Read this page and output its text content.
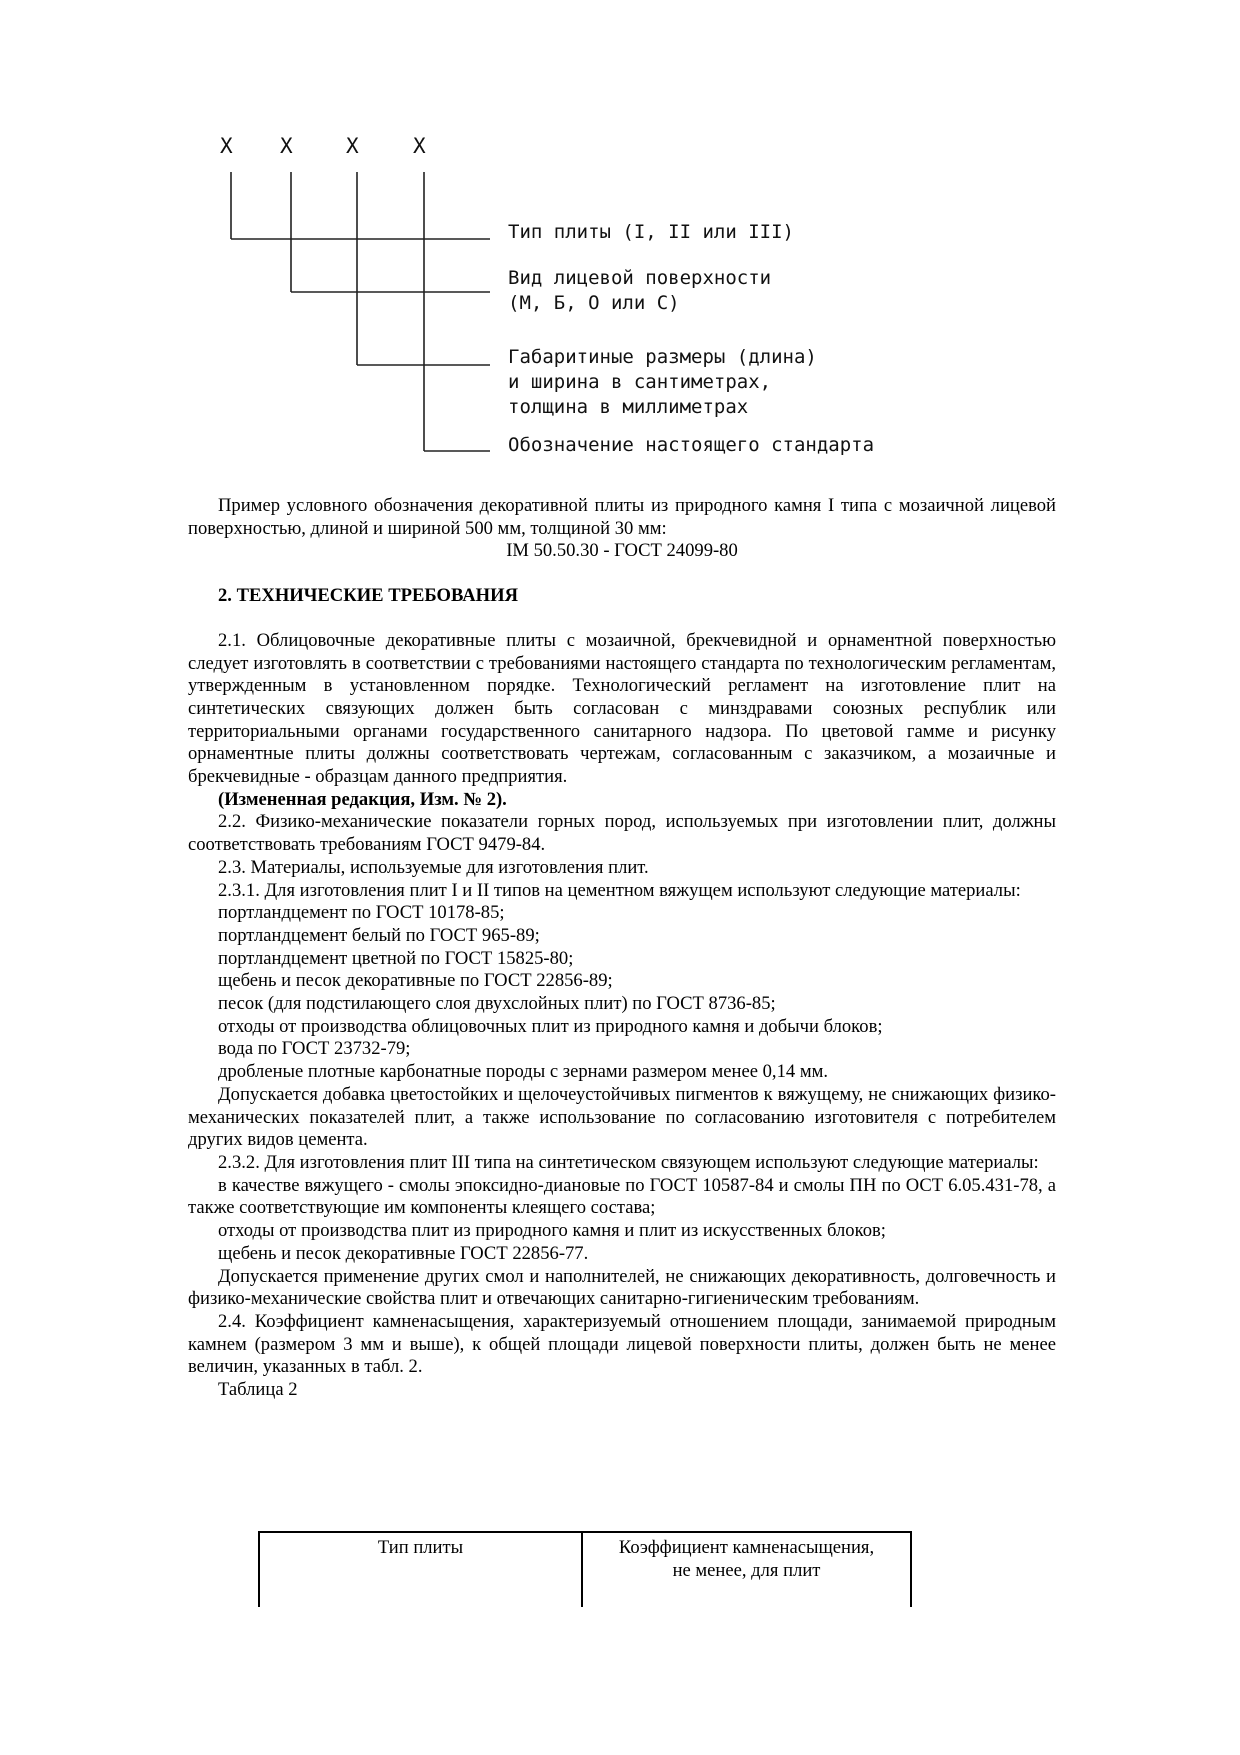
X X	X	X
Тип плиты (I, II или III)
Вид лицевой поверхности
(М, Б, О или С)
Габаритиные размеры (длина)
и ширина в сантиметрах,
толщина в миллиметрах
Обозначение настоящего стандарта

Пример условного обозначения декоративной плиты из природного камня I типа с мозаичной лицевой поверхностью, длиной и шириной 500 мм, толщиной 30 мм:

IM 50.50.30 - ГОСТ 24099-80

2. ТЕХНИЧЕСКИЕ ТРЕБОВАНИЯ

2.1. Облицовочные декоративные плиты с мозаичной, брекчевидной и орнаментной поверхностью следует изготовлять в соответствии с требованиями настоящего стандарта по технологическим регламентам, утвержденным в установленном порядке. Технологический регламент на изготовление плит на синтетических связующих должен быть согласован с минздравами союзных республик или территориальными органами государственного санитарного надзора. По цветовой гамме и рисунку орнаментные плиты должны соответствовать чертежам, согласованным с заказчиком, а мозаичные и брекчевидные - образцам данного предприятия.

(Измененная редакция, Изм. № 2).

2.2. Физико-механические показатели горных пород, используемых при изготовлении плит, должны соответствовать требованиям ГОСТ 9479-84.

2.3. Материалы, используемые для изготовления плит.

2.3.1. Для изготовления плит I и II типов на цементном вяжущем используют следующие материалы:

портландцемент по ГОСТ 10178-85;

портландцемент белый по ГОСТ 965-89;

портландцемент цветной по ГОСТ 15825-80;

щебень и песок декоративные по ГОСТ 22856-89;

песок (для подстилающего слоя двухслойных плит) по ГОСТ 8736-85;

отходы от производства облицовочных плит из природного камня и добычи блоков;

вода по ГОСТ 23732-79;

дробленые плотные карбонатные породы с зернами размером менее 0,14 мм.

Допускается добавка цветостойких и щелочеустойчивых пигментов к вяжущему, не снижающих физико-механических показателей плит, а также использование по согласованию изготовителя с потребителем других видов цемента.

2.3.2. Для изготовления плит III типа на синтетическом связующем используют следующие материалы:

в качестве вяжущего - смолы эпоксидно-диановые по ГОСТ 10587-84 и смолы ПН по ОСТ 6.05.431-78, а также соответствующие им компоненты клеящего состава;

отходы от производства плит из природного камня и плит из искусственных блоков;

щебень и песок декоративные ГОСТ 22856-77.

Допускается применение других смол и наполнителей, не снижающих декоративность, долговечность и физико-механические свойства плит и отвечающих санитарно-гигиеническим требованиям.

2.4. Коэффициент камненасыщения, характеризуемый отношением площади, занимаемой природным камнем (размером 3 мм и выше), к общей площади лицевой поверхности плиты, должен быть не менее величин, указанных в табл. 2.

Таблица 2

Тип плиты	Коэффициент камненасыщения,
не менее, для плит
